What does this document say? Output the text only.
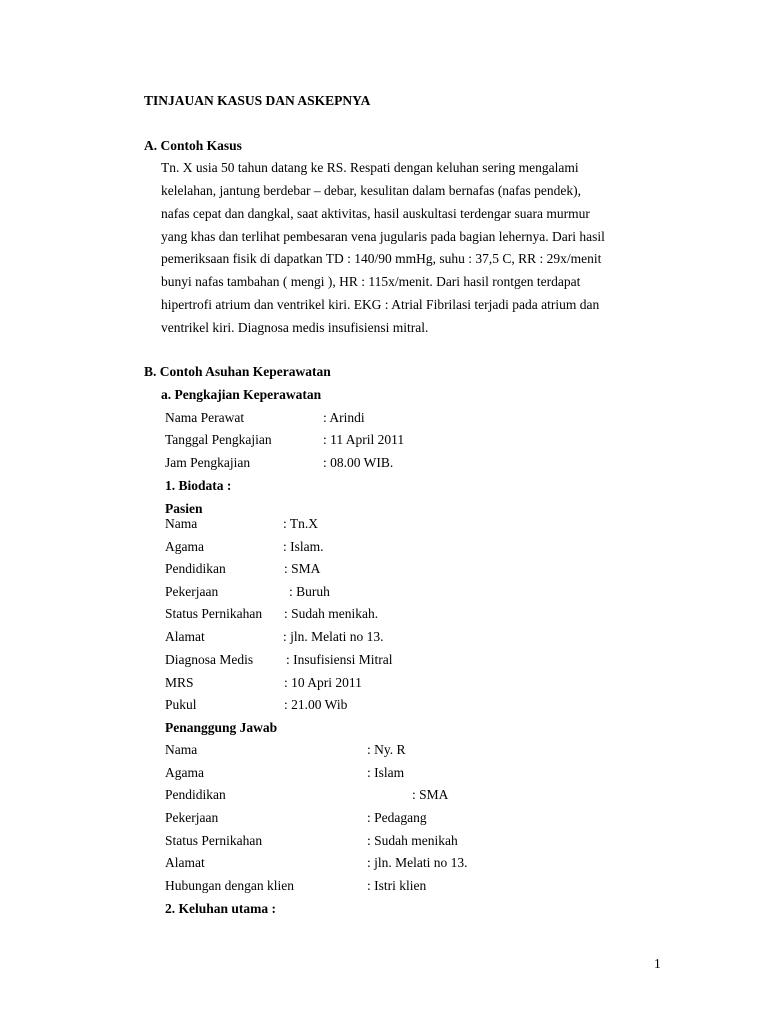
TINJAUAN KASUS DAN ASKEPNYA
A. Contoh Kasus
Tn. X usia 50 tahun datang ke RS. Respati dengan keluhan sering mengalami
kelelahan, jantung berdebar – debar, kesulitan dalam bernafas (nafas pendek),
nafas cepat dan dangkal, saat aktivitas, hasil auskultasi terdengar suara murmur
yang khas dan terlihat pembesaran vena jugularis pada bagian lehernya. Dari hasil
pemeriksaan fisik di dapatkan TD : 140/90 mmHg, suhu : 37,5 C, RR : 29x/menit
bunyi nafas tambahan ( mengi ), HR : 115x/menit. Dari hasil rontgen terdapat
hipertrofi atrium dan ventrikel kiri. EKG : Atrial Fibrilasi terjadi pada atrium dan
ventrikel kiri. Diagnosa medis insufisiensi mitral.
B. Contoh Asuhan Keperawatan
a. Pengkajian Keperawatan
Nama Perawat	: Arindi
Tanggal Pengkajian	: 11 April 2011
Jam Pengkajian	: 08.00 WIB.
1. Biodata :
Pasien
Nama	: Tn.X
Agama	: Islam.
Pendidikan	: SMA
Pekerjaan	: Buruh
Status Pernikahan : Sudah menikah.
Alamat	: jln. Melati no 13.
Diagnosa Medis : Insufisiensi Mitral
MRS	: 10 Apri 2011
Pukul	: 21.00 Wib
Penanggung Jawab
Nama	: Ny. R
Agama	: Islam
Pendidikan	: SMA
Pekerjaan	: Pedagang
Status Pernikahan	: Sudah menikah
Alamat	: jln. Melati no 13.
Hubungan dengan klien	: Istri klien
2. Keluhan utama :
1
